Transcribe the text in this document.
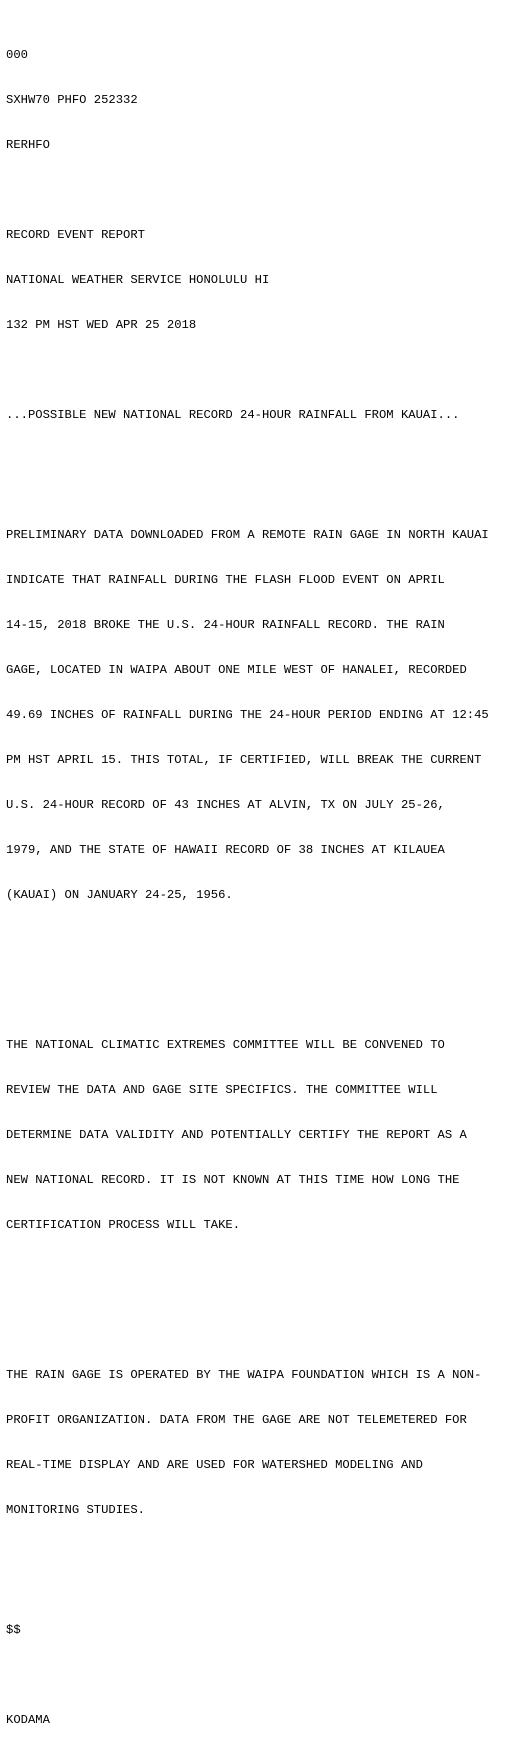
000

SXHW70 PHFO 252332

RERHFO

RECORD EVENT REPORT

NATIONAL WEATHER SERVICE HONOLULU HI

132 PM HST WED APR 25 2018

...POSSIBLE NEW NATIONAL RECORD 24-HOUR RAINFALL FROM KAUAI...

PRELIMINARY DATA DOWNLOADED FROM A REMOTE RAIN GAGE IN NORTH KAUAI

INDICATE THAT RAINFALL DURING THE FLASH FLOOD EVENT ON APRIL

14-15, 2018 BROKE THE U.S. 24-HOUR RAINFALL RECORD. THE RAIN

GAGE, LOCATED IN WAIPA ABOUT ONE MILE WEST OF HANALEI, RECORDED

49.69 INCHES OF RAINFALL DURING THE 24-HOUR PERIOD ENDING AT 12:45

PM HST APRIL 15. THIS TOTAL, IF CERTIFIED, WILL BREAK THE CURRENT

U.S. 24-HOUR RECORD OF 43 INCHES AT ALVIN, TX ON JULY 25-26,

1979, AND THE STATE OF HAWAII RECORD OF 38 INCHES AT KILAUEA

(KAUAI) ON JANUARY 24-25, 1956.

THE NATIONAL CLIMATIC EXTREMES COMMITTEE WILL BE CONVENED TO

REVIEW THE DATA AND GAGE SITE SPECIFICS. THE COMMITTEE WILL

DETERMINE DATA VALIDITY AND POTENTIALLY CERTIFY THE REPORT AS A

NEW NATIONAL RECORD. IT IS NOT KNOWN AT THIS TIME HOW LONG THE

CERTIFICATION PROCESS WILL TAKE.

THE RAIN GAGE IS OPERATED BY THE WAIPA FOUNDATION WHICH IS A NON-

PROFIT ORGANIZATION. DATA FROM THE GAGE ARE NOT TELEMETERED FOR

REAL-TIME DISPLAY AND ARE USED FOR WATERSHED MODELING AND

MONITORING STUDIES.

$$

KODAMA
